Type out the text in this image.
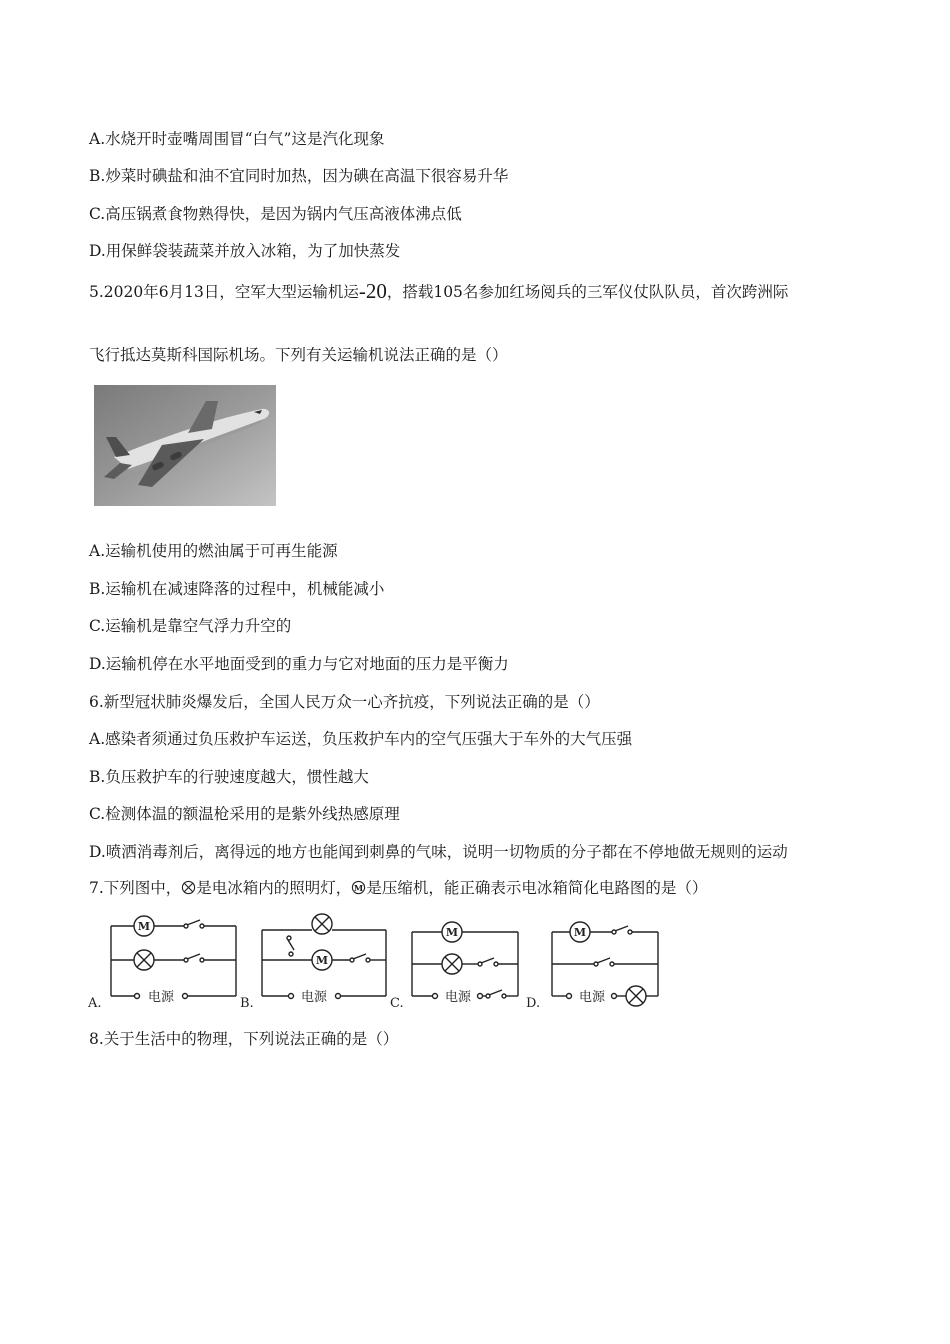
A.水烧开时壶嘴周围冒“白气”这是汽化现象
B.炒菜时碘盐和油不宜同时加热，因为碘在高温下很容易升华
C.高压锅煮食物熟得快，是因为锅内气压高液体沸点低
D.用保鲜袋装蔬菜并放入冰箱，为了加快蒸发
5.2020年6月13日，空军大型运输机运-20，搭载105名参加红场阅兵的三军仪仗队队员，首次跨洲际
飞行抵达莫斯科国际机场。下列有关运输机说法正确的是（）
A.运输机使用的燃油属于可再生能源
B.运输机在减速降落的过程中，机械能减小
C.运输机是靠空气浮力升空的
D.运输机停在水平地面受到的重力与它对地面的压力是平衡力
6.新型冠状肺炎爆发后，全国人民万众一心齐抗疫，下列说法正确的是（）
A.感染者须通过负压救护车运送，负压救护车内的空气压强大于车外的大气压强
B.负压救护车的行驶速度越大，惯性越大
C.检测体温的额温枪采用的是紫外线热感原理
D.喷洒消毒剂后，离得远的地方也能闻到刺鼻的气味，说明一切物质的分子都在不停地做无规则的运动
7.下列图中， 是电冰箱内的照明灯， M 是压缩机，能正确表示电冰箱简化电路图的是（）
M
M
M	M
电源	电源	电源	电源
A.	B.	C.	D.
8.关于生活中的物理，下列说法正确的是（）
